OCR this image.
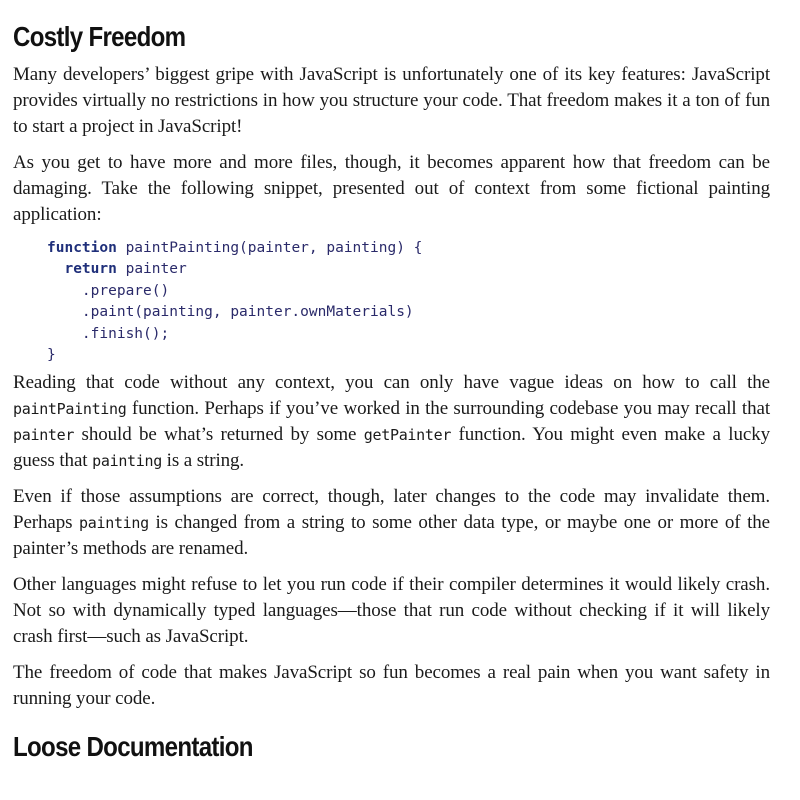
Costly Freedom

Many developers’ biggest gripe with JavaScript is unfortunately one of its key features: JavaScript provides virtually no restrictions in how you structure your code. That freedom makes it a ton of fun to start a project in JavaScript!

As you get to have more and more files, though, it becomes apparent how that freedom can be damaging. Take the following snippet, presented out of context from some fictional painting application:

function paintPainting(painter, painting) {
return painter
.prepare()
.paint(painting, painter.ownMaterials)
.finish();
}

Reading that code without any context, you can only have vague ideas on how to call the paintPainting function. Perhaps if you’ve worked in the surrounding codebase you may recall that painter should be what’s returned by some getPainter function. You might even make a lucky guess that painting is a string.

Even if those assumptions are correct, though, later changes to the code may invalidate them. Perhaps painting is changed from a string to some other data type, or maybe one or more of the painter’s methods are renamed.

Other languages might refuse to let you run code if their compiler determines it would likely crash. Not so with dynamically typed languages—those that run code without checking if it will likely crash first—such as JavaScript.

The freedom of code that makes JavaScript so fun becomes a real pain when you want safety in running your code.

Loose Documentation
